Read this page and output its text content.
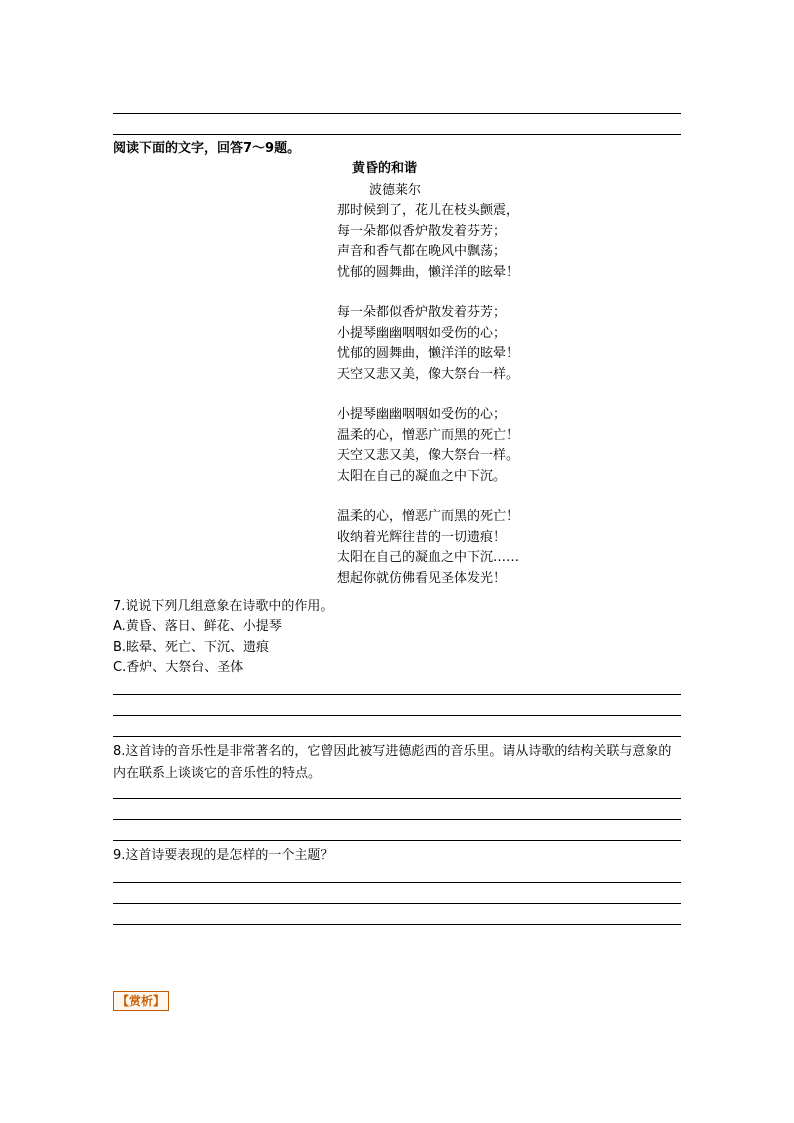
阅读下面的文字，回答7～9题。
黄昏的和谐
波德莱尔
那时候到了，花儿在枝头颤震，
每一朵都似香炉散发着芬芳；
声音和香气都在晚风中飘荡；
忧郁的圆舞曲，懒洋洋的眩晕！
每一朵都似香炉散发着芬芳；
小提琴幽幽咽咽如受伤的心；
忧郁的圆舞曲，懒洋洋的眩晕！
天空又悲又美，像大祭台一样。
小提琴幽幽咽咽如受伤的心；
温柔的心，憎恶广而黑的死亡！
天空又悲又美，像大祭台一样。
太阳在自己的凝血之中下沉。
温柔的心，憎恶广而黑的死亡！
收纳着光辉往昔的一切遗痕！
太阳在自己的凝血之中下沉……
想起你就仿佛看见圣体发光！
7.说说下列几组意象在诗歌中的作用。
A.黄昏、落日、鲜花、小提琴
B.眩晕、死亡、下沉、遗痕
C.香炉、大祭台、圣体
8.这首诗的音乐性是非常著名的，它曾因此被写进德彪西的音乐里。请从诗歌的结构关联与意象的内在联系上谈谈它的音乐性的特点。
9.这首诗要表现的是怎样的一个主题？
【赏析】
